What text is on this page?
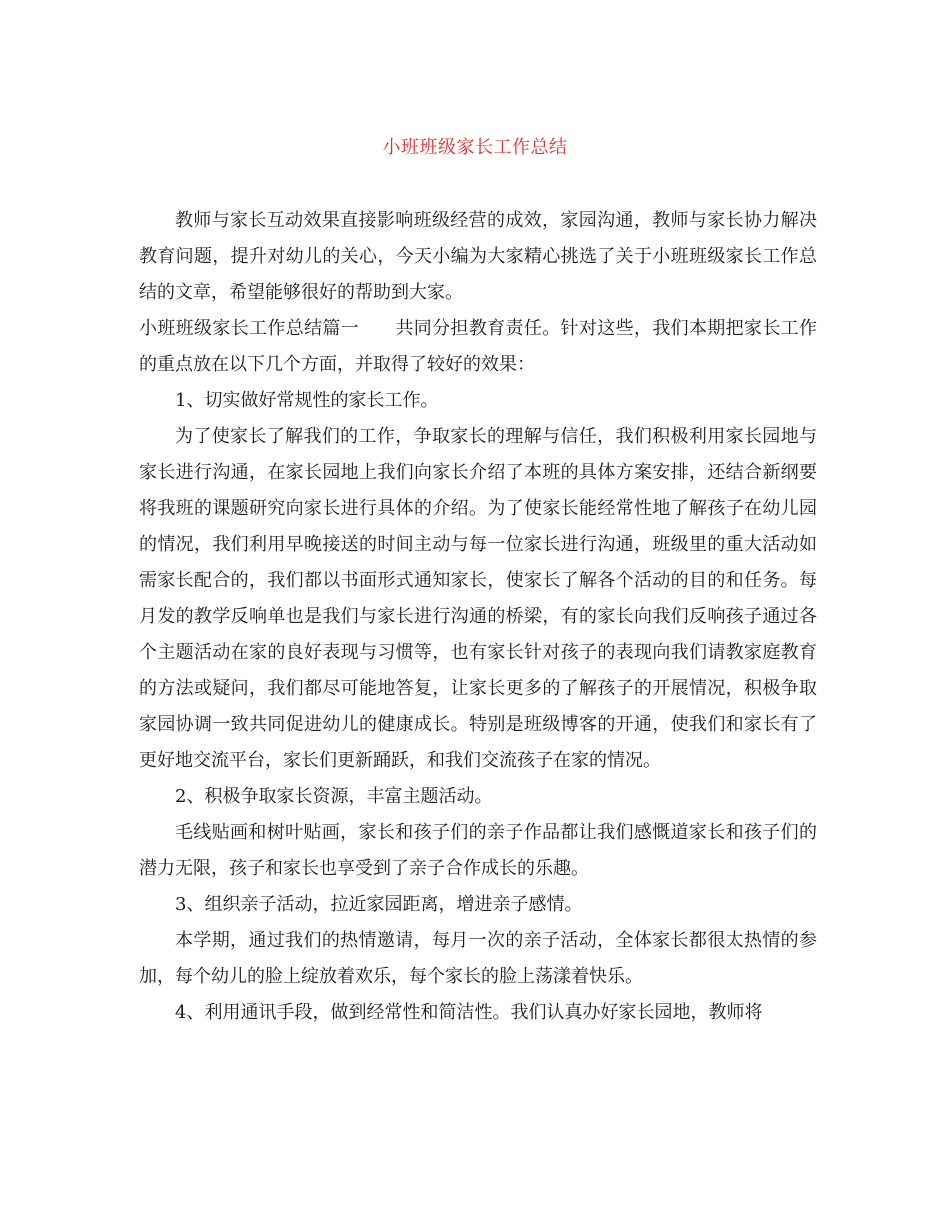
小班班级家长工作总结

教师与家长互动效果直接影响班级经营的成效，家园沟通，教师与家长协力解决教育问题，提升对幼儿的关心，今天小编为大家精心挑选了关于小班班级家长工作总结的文章，希望能够很好的帮助到大家。

小班班级家长工作总结篇一 共同分担教育责任。针对这些，我们本期把家长工作的重点放在以下几个方面，并取得了较好的效果：

1、切实做好常规性的家长工作。

为了使家长了解我们的工作，争取家长的理解与信任，我们积极利用家长园地与家长进行沟通，在家长园地上我们向家长介绍了本班的具体方案安排，还结合新纲要将我班的课题研究向家长进行具体的介绍。为了使家长能经常性地了解孩子在幼儿园的情况，我们利用早晚接送的时间主动与每一位家长进行沟通，班级里的重大活动如需家长配合的，我们都以书面形式通知家长，使家长了解各个活动的目的和任务。每月发的教学反响单也是我们与家长进行沟通的桥梁，有的家长向我们反响孩子通过各个主题活动在家的良好表现与习惯等，也有家长针对孩子的表现向我们请教家庭教育的方法或疑问，我们都尽可能地答复，让家长更多的了解孩子的开展情况，积极争取家园协调一致共同促进幼儿的健康成长。特别是班级博客的开通，使我们和家长有了更好地交流平台，家长们更新踊跃，和我们交流孩子在家的情况。

2、积极争取家长资源，丰富主题活动。

毛线贴画和树叶贴画，家长和孩子们的亲子作品都让我们感慨道家长和孩子们的潜力无限，孩子和家长也享受到了亲子合作成长的乐趣。

3、组织亲子活动，拉近家园距离，增进亲子感情。

本学期，通过我们的热情邀请，每月一次的亲子活动，全体家长都很太热情的参加，每个幼儿的脸上绽放着欢乐，每个家长的脸上荡漾着快乐。

4、利用通讯手段，做到经常性和简洁性。我们认真办好家长园地，教师将
